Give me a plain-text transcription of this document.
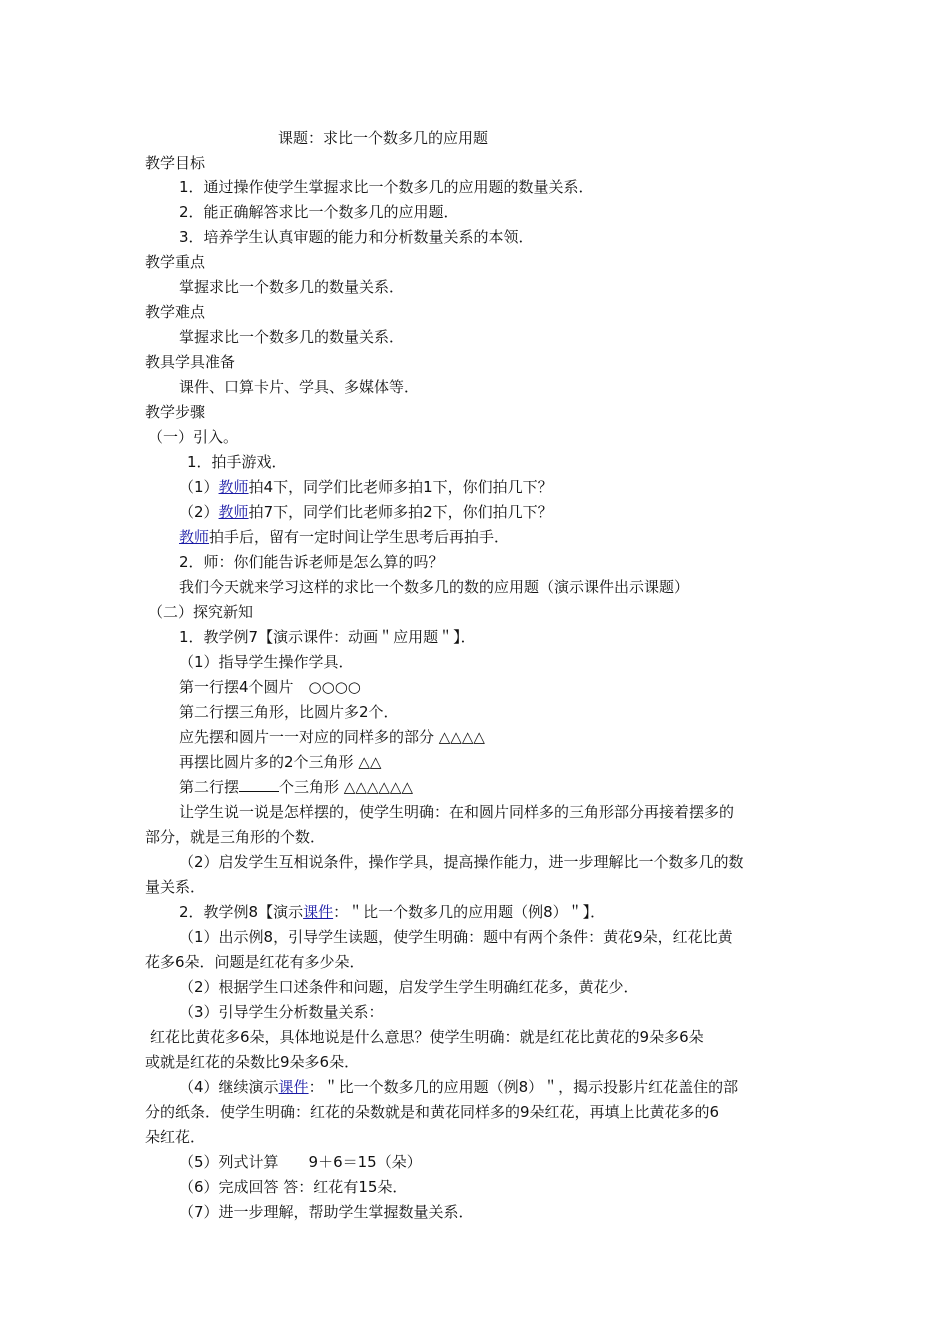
课题：求比一个数多几的应用题
教学目标
1．通过操作使学生掌握求比一个数多几的应用题的数量关系．
2．能正确解答求比一个数多几的应用题．
3．培养学生认真审题的能力和分析数量关系的本领．
教学重点
掌握求比一个数多几的数量关系．
教学难点
掌握求比一个数多几的数量关系．
教具学具准备
课件、口算卡片、学具、多媒体等．
教学步骤
（一）引入。
1．拍手游戏．
（1）教师拍4下，同学们比老师多拍1下，你们拍几下？
（2）教师拍7下，同学们比老师多拍2下，你们拍几下？
教师拍手后，留有一定时间让学生思考后再拍手．
2．师：你们能告诉老师是怎么算的吗？
我们今天就来学习这样的求比一个数多几的数的应用题（演示课件出示课题）
（二）探究新知
1．教学例7【演示课件：动画＂应用题＂】．
（1）指导学生操作学具．
第一行摆4个圆片　○○○○
第二行摆三角形，比圆片多2个．
应先摆和圆片一一对应的同样多的部分 △△△△
再摆比圆片多的2个三角形 △△
第二行摆	个三角形 △△△△△△
让学生说一说是怎样摆的，使学生明确：在和圆片同样多的三角形部分再接着摆多的
部分，就是三角形的个数．
（2）启发学生互相说条件，操作学具，提高操作能力，进一步理解比一个数多几的数
量关系．
2．教学例8【演示课件：＂比一个数多几的应用题（例8）＂】．
（1）出示例8，引导学生读题，使学生明确：题中有两个条件：黄花9朵，红花比黄
花多6朵．问题是红花有多少朵．
（2）根据学生口述条件和问题，启发学生学生明确红花多，黄花少．
（3）引导学生分析数量关系：
红花比黄花多6朵，具体地说是什么意思？使学生明确：就是红花比黄花的9朵多6朵
或就是红花的朵数比9朵多6朵．
（4）继续演示课件：＂比一个数多几的应用题（例8）＂，揭示投影片红花盖住的部
分的纸条．使学生明确：红花的朵数就是和黄花同样多的9朵红花，再填上比黄花多的6
朵红花．
（5）列式计算　　9＋6＝15（朵）
（6）完成回答 答：红花有15朵．
（7）进一步理解，帮助学生掌握数量关系．
